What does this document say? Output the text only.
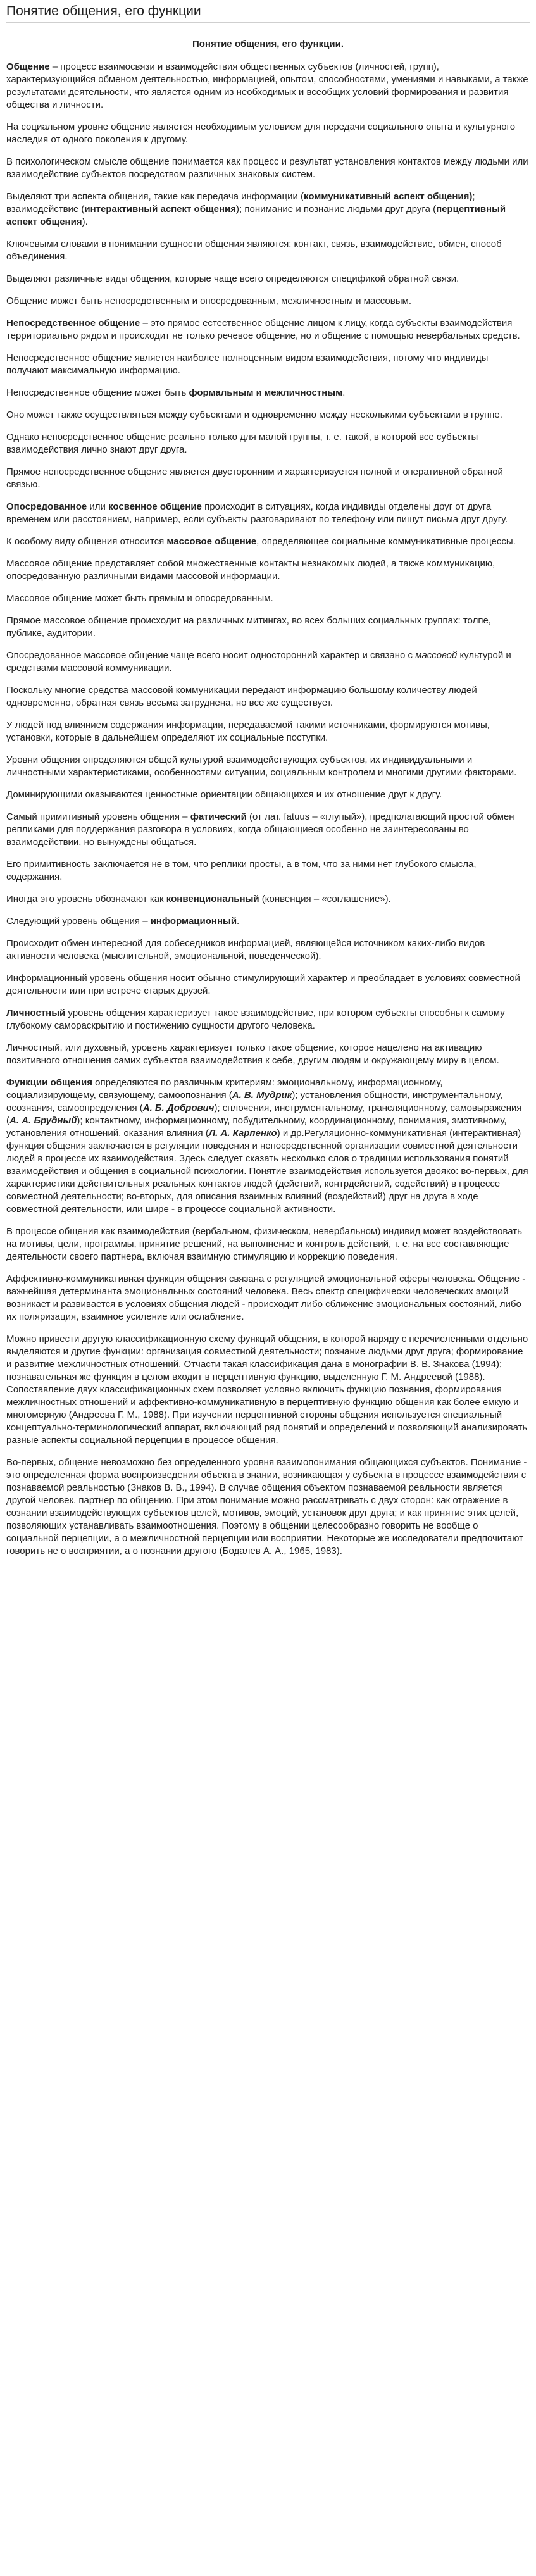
Понятие общения, его функции
Понятие общения, его функции.

Общение – процесс взаимосвязи и взаимодействия общественных субъектов (личностей, групп), характеризующийся обменом деятельностью, информацией, опытом, способностями, умениями и навыками, а также результатами деятельности, что является одним из необходимых и всеобщих условий формирования и развития общества и личности.

На социальном уровне общение является необходимым условием для передачи социального опыта и культурного наследия от одного поколения к другому.

В психологическом смысле общение понимается как процесс и результат установления контактов между людьми или взаимодействие субъектов посредством различных знаковых систем.

Выделяют три аспекта общения, такие как передача информации (коммуникативный аспект общения); взаимодействие (интерактивный аспект общения); понимание и познание людьми друг друга (перцептивный аспект общения).

Ключевыми словами в понимании сущности общения являются: контакт, связь, взаимодействие, обмен, способ объединения.

Выделяют различные виды общения, которые чаще всего определяются спецификой обратной связи.

Общение может быть непосредственным и опосредованным, межличностным и массовым.

Непосредственное общение – это прямое естественное общение лицом к лицу, когда субъекты взаимодействия территориально рядом и происходит не только речевое общение, но и общение с помощью невербальных средств.

Непосредственное общение является наиболее полноценным видом взаимодействия, потому что индивиды получают максимальную информацию.

Непосредственное общение может быть формальным и межличностным.

Оно может также осуществляться между субъектами и одновременно между несколькими субъектами в группе.

Однако непосредственное общение реально только для малой группы, т. е. такой, в которой все субъекты взаимодействия лично знают друг друга.

Прямое непосредственное общение является двусторонним и характеризуется полной и оперативной обратной связью.

Опосредованное или косвенное общение происходит в ситуациях, когда индивиды отделены друг от друга временем или расстоянием, например, если субъекты разговаривают по телефону или пишут письма друг другу.

К особому виду общения относится массовое общение, определяющее социальные коммуникативные процессы.

Массовое общение представляет собой множественные контакты незнакомых людей, а также коммуникацию, опосредованную различными видами массовой информации.

Массовое общение может быть прямым и опосредованным.

Прямое массовое общение происходит на различных митингах, во всех больших социальных группах: толпе, публике, аудитории.

Опосредованное массовое общение чаще всего носит односторонний характер и связано с массовой культурой и средствами массовой коммуникации.

Поскольку многие средства массовой коммуникации передают информацию большому количеству людей одновременно, обратная связь весьма затруднена, но все же существует.

У людей под влиянием содержания информации, передаваемой такими источниками, формируются мотивы, установки, которые в дальнейшем определяют их социальные поступки.

Уровни общения определяются общей культурой взаимодействующих субъектов, их индивидуальными и личностными характеристиками, особенностями ситуации, социальным контролем и многими другими факторами.

Доминирующими оказываются ценностные ориентации общающихся и их отношение друг к другу.

Самый примитивный уровень общения – фатический (от лат. fatuus – «глупый»), предполагающий простой обмен репликами для поддержания разговора в условиях, когда общающиеся особенно не заинтересованы во взаимодействии, но вынуждены общаться.

Его примитивность заключается не в том, что реплики просты, а в том, что за ними нет глубокого смысла, содержания.

Иногда это уровень обозначают как конвенциональный (конвенция – «соглашение»).

Следующий уровень общения – информационный.

Происходит обмен интересной для собеседников информацией, являющейся источником каких-либо видов активности человека (мыслительной, эмоциональной, поведенческой).

Информационный уровень общения носит обычно стимулирующий характер и преобладает в условиях совместной деятельности или при встрече старых друзей.

Личностный уровень общения характеризует такое взаимодействие, при котором субъекты способны к самому глубокому самораскрытию и постижению сущности другого человека.

Личностный, или духовный, уровень характеризует только такое общение, которое нацелено на активацию позитивного отношения самих субъектов взаимодействия к себе, другим людям и окружающему миру в целом.

Функции общения определяются по различным критериям: эмоциональному, информационному, социализирующему, связующему, самоопознания (А. В. Мудрик); установления общности, инструментальному, осознания, самоопределения (А. Б. Добрович); сплочения, инструментальному, трансляционному, самовыражения (А. А. Брудный); контактному, информационному, побудительному, координационному, понимания, эмотивному, установления отношений, оказания влияния (Л. А. Карпенко) и др.Регуляционно-коммуникативная (интерактивная) функция общения заключается в регуляции поведения и непосредственной организации совместной деятельности людей в процессе их взаимодействия. Здесь следует сказать несколько слов о традиции использования понятий взаимодействия и общения в социальной психологии. Понятие взаимодействия используется двояко: во-первых, для характеристики действительных реальных контактов людей (действий, контрдействий, содействий) в процессе совместной деятельности; во-вторых, для описания взаимных влияний (воздействий) друг на друга в ходе совместной деятельности, или шире - в процессе социальной активности.

В процессе общения как взаимодействия (вербальном, физическом, невербальном) индивид может воздействовать на мотивы, цели, программы, принятие решений, на выполнение и контроль действий, т. е. на все составляющие деятельности своего партнера, включая взаимную стимуляцию и коррекцию поведения.

Аффективно-коммуникативная функция общения связана с регуляцией эмоциональной сферы человека. Общение - важнейшая детерминанта эмоциональных состояний человека. Весь спектр специфически человеческих эмоций возникает и развивается в условиях общения людей - происходит либо сближение эмоциональных состояний, либо их поляризация, взаимное усиление или ослабление.

Можно привести другую классификационную схему функций общения, в которой наряду с перечисленными отдельно выделяются и другие функции: организация совместной деятельности; познание людьми друг друга; формирование и развитие межличностных отношений. Отчасти такая классификация дана в монографии В. В. Знакова (1994); познавательная же функция в целом входит в перцептивную функцию, выделенную Г. М. Андреевой (1988). Сопоставление двух классификационных схем позволяет условно включить функцию познания, формирования межличностных отношений и аффективно-коммуникативную в перцептивную функцию общения как более емкую и многомерную (Андреева Г. М., 1988). При изучении перцептивной стороны общения используется специальный концептуально-терминологический аппарат, включающий ряд понятий и определений и позволяющий анализировать разные аспекты социальной перцепции в процессе общения.

Во-первых, общение невозможно без определенного уровня взаимопонимания общающихся субъектов. Понимание - это определенная форма воспроизведения объекта в знании, возникающая у субъекта в процессе взаимодействия с познаваемой реальностью (Знаков В. В., 1994). В случае общения объектом познаваемой реальности является другой человек, партнер по общению. При этом понимание можно рассматривать с двух сторон: как отражение в сознании взаимодействующих субъектов целей, мотивов, эмоций, установок друг друга; и как принятие этих целей, позволяющих устанавливать взаимоотношения. Поэтому в общении целесообразно говорить не вообще о социальной перцепции, а о межличностной перцепции или восприятии. Некоторые же исследователи предпочитают говорить не о восприятии, а о познании другого (Бодалев А. А., 1965, 1983).
